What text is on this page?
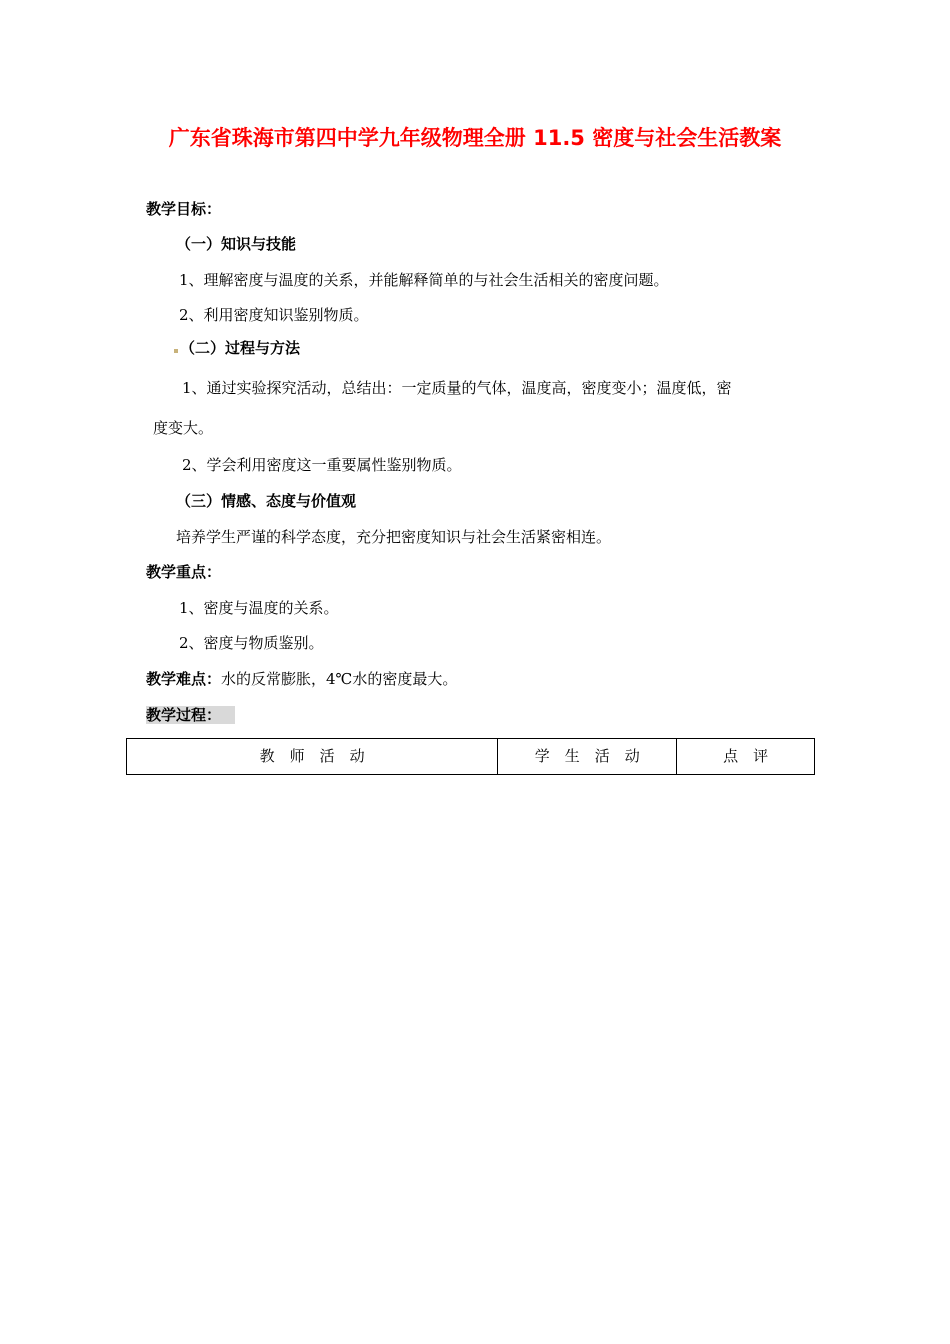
广东省珠海市第四中学九年级物理全册 11.5 密度与社会生活教案
教学目标：
（一）知识与技能
1、理解密度与温度的关系，并能解释简单的与社会生活相关的密度问题。
2、利用密度知识鉴别物质。
（二）过程与方法
1、通过实验探究活动，总结出：一定质量的气体，温度高，密度变小；温度低，密
度变大。
2、学会利用密度这一重要属性鉴别物质。
（三）情感、态度与价值观
培养学生严谨的科学态度，充分把密度知识与社会生活紧密相连。
教学重点：
1、密度与温度的关系。
2、密度与物质鉴别。
教学难点：水的反常膨胀，4℃水的密度最大。
教学过程：
教　师　活　动	学　生　活　动	点　评
